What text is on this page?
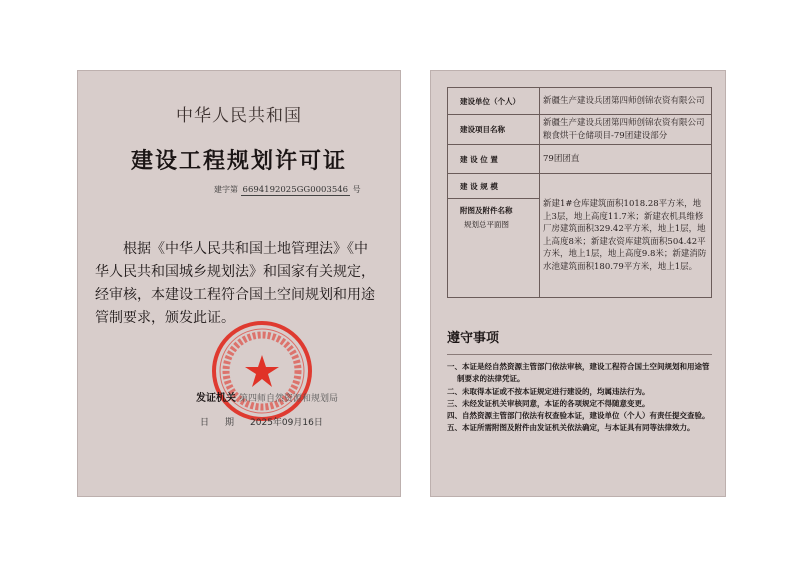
中华人民共和国
建设工程规划许可证
建字第 6694192025GG0003546 号
根据《中华人民共和国土地管理法》《中
华人民共和国城乡规划法》和国家有关规定，
经审核，本建设工程符合国土空间规划和用途
管制要求，颁发此证。
发证机关 第四师自然资源和规划局
日期2025年09月16日
建设单位（个人）	新疆生产建设兵团第四师创锦农资有限公司
建设项目名称	新疆生产建设兵团第四师创锦农资有限公司粮食烘干仓储项目-79团建设部分
建 设 位 置	79团团直
建 设 规 模	新建1#仓库建筑面积1018.28平方米，地上3层，地上高度11.7米；新建农机具维修厂房建筑面积329.42平方米，地上1层，地上高度8米；新建农资库建筑面积504.42平方米，地上1层，地上高度9.8米；新建消防水池建筑面积180.79平方米，地上1层。
附图及附件名称
规划总平面图	
遵守事项
一、本证是经自然资源主管部门依法审核，建设工程符合国土空间规划和用途管制要求的法律凭证。
二、未取得本证或不按本证规定进行建设的，均属违法行为。
三、未经发证机关审核同意，本证的各项规定不得随意变更。
四、自然资源主管部门依法有权查验本证，建设单位（个人）有责任提交查验。
五、本证所需附图及附件由发证机关依法确定，与本证具有同等法律效力。
